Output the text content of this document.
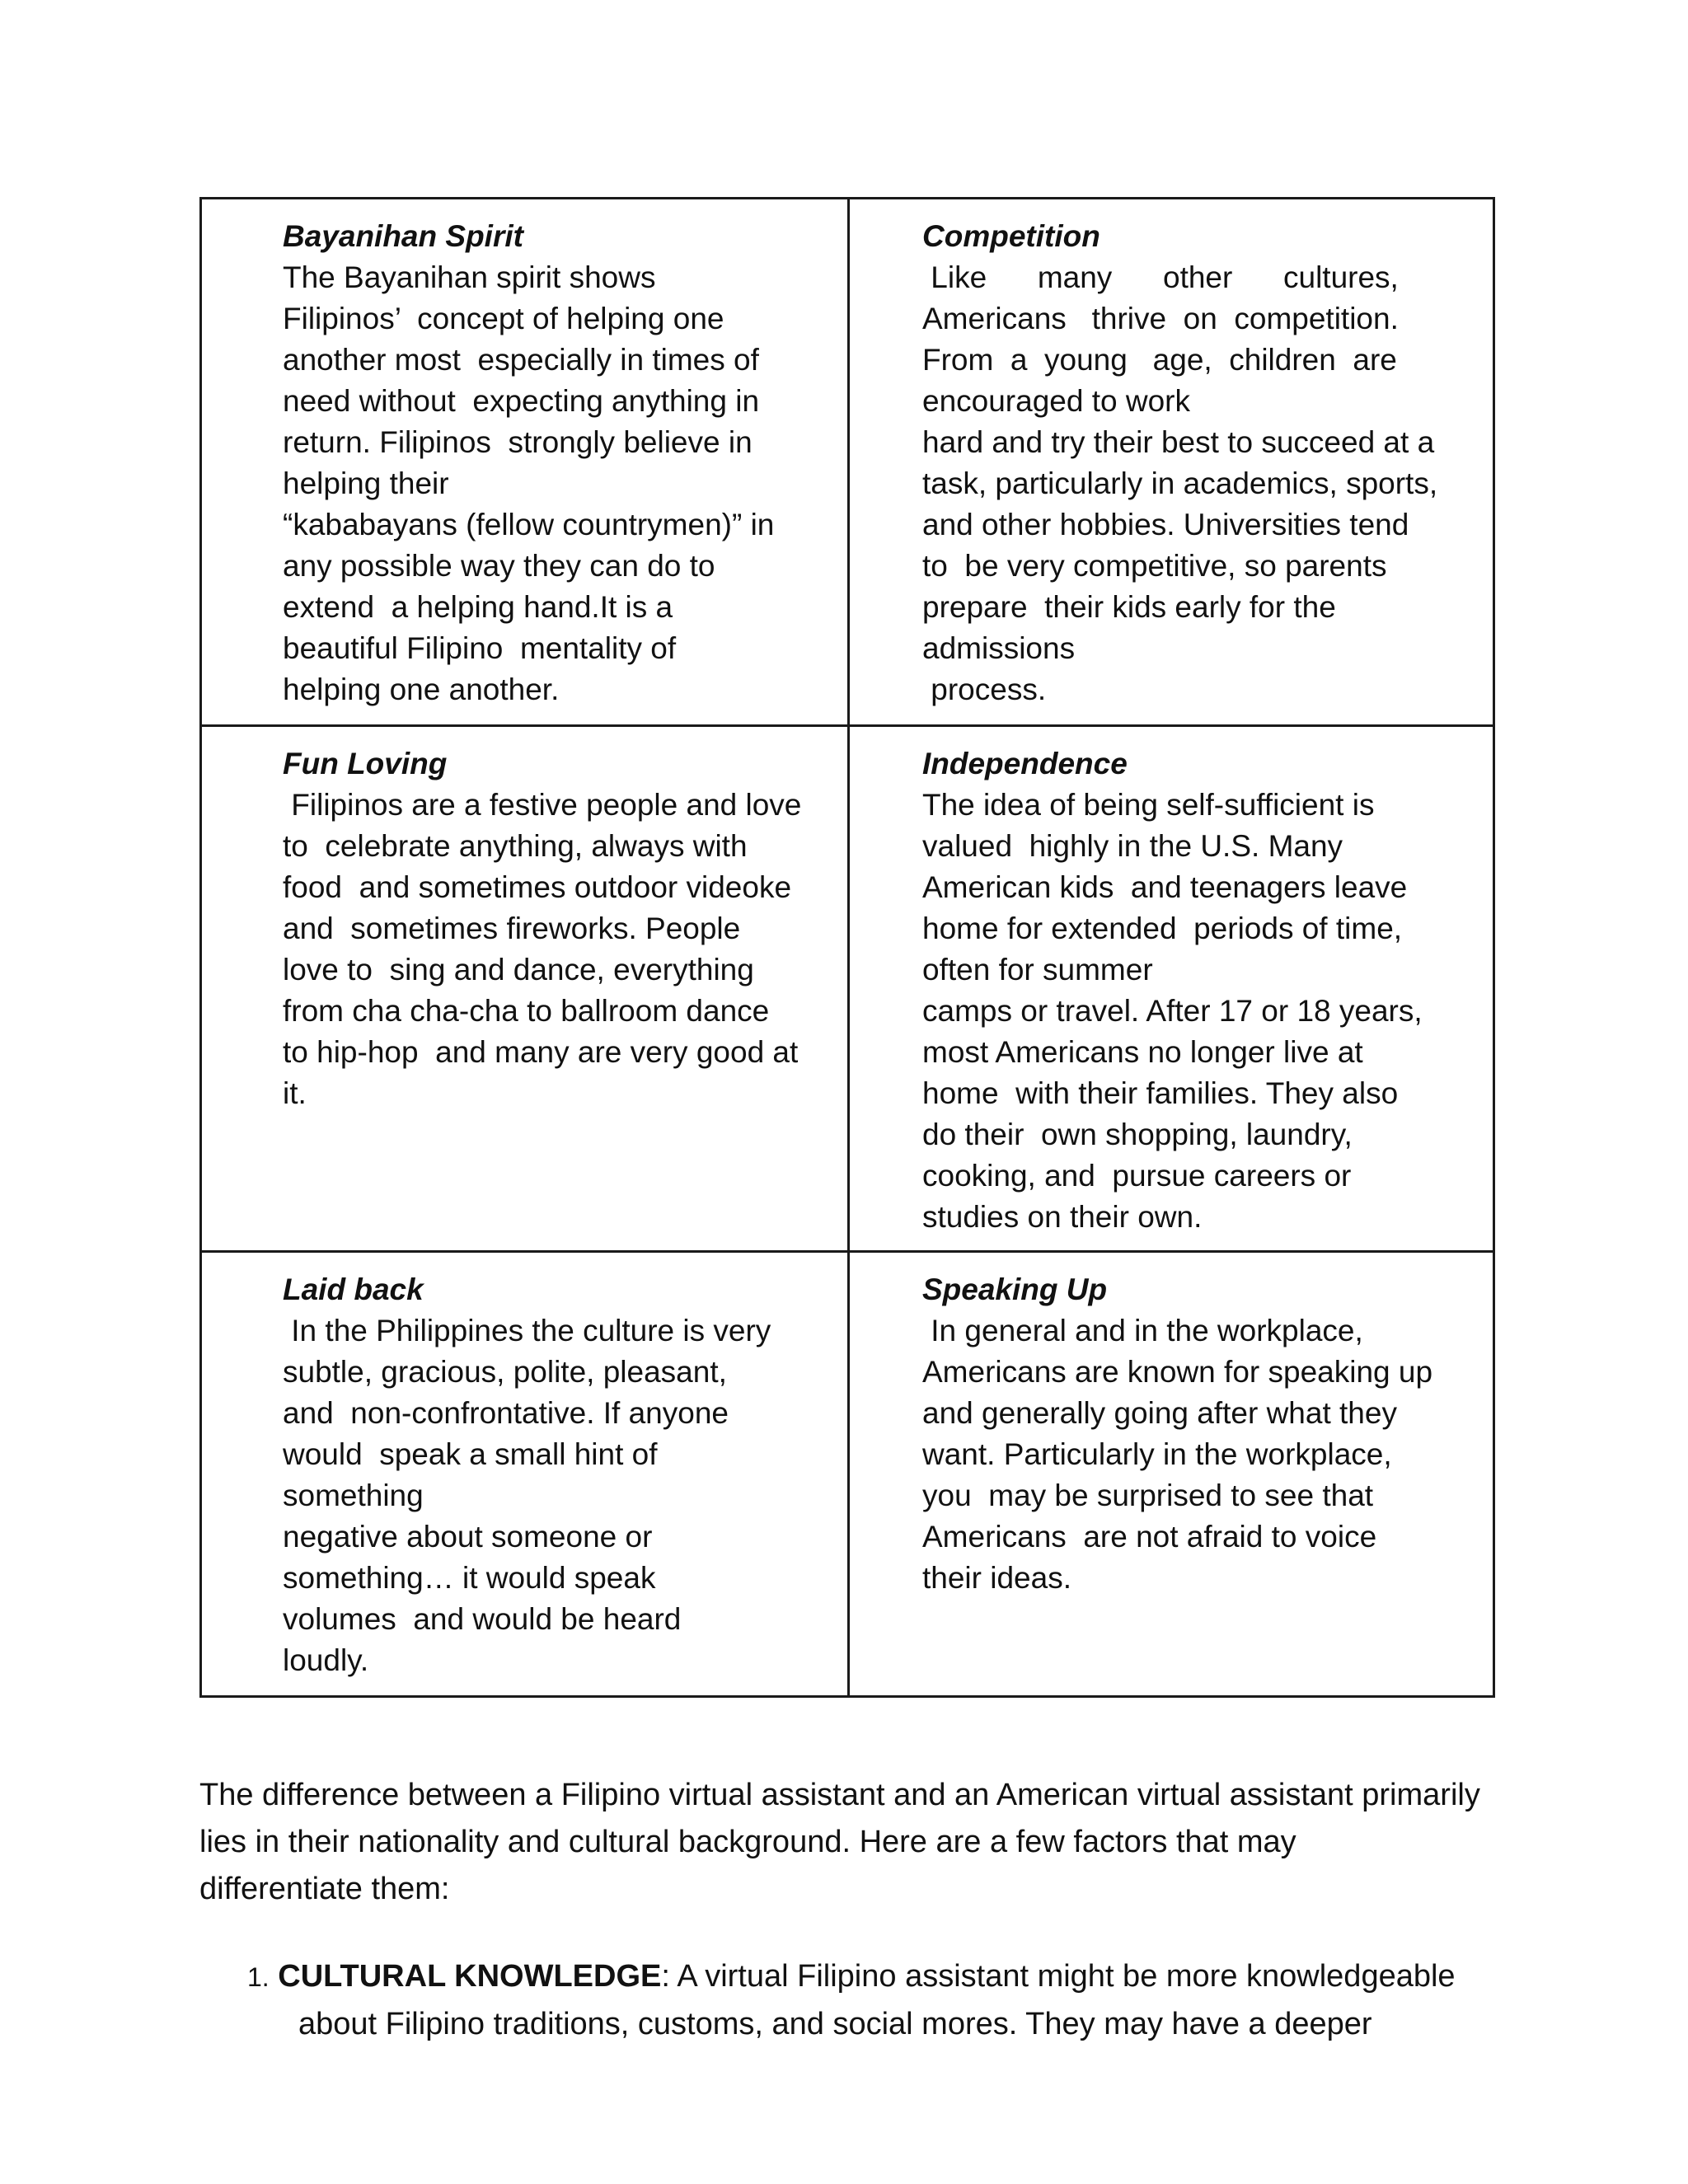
Bayanihan Spirit
The Bayanihan spirit shows
Filipinos’  concept of helping one
another most  especially in times of
need without  expecting anything in
return. Filipinos  strongly believe in
helping their
“kababayans (fellow countrymen)” in
any possible way they can do to
extend  a helping hand.It is a
beautiful Filipino  mentality of
helping one another.
Competition
Like      many      other      cultures,
Americans   thrive  on  competition.
From  a  young   age,  children  are
encouraged to work
hard and try their best to succeed at a
task, particularly in academics, sports,
and other hobbies. Universities tend
to  be very competitive, so parents
prepare  their kids early for the
admissions
process.
Fun Loving
Filipinos are a festive people and love
to  celebrate anything, always with
food  and sometimes outdoor videoke
and  sometimes fireworks. People
love to  sing and dance, everything
from cha cha-cha to ballroom dance
to hip-hop  and many are very good at
it.
Independence
The idea of being self-sufficient is
valued  highly in the U.S. Many
American kids  and teenagers leave
home for extended  periods of time,
often for summer
camps or travel. After 17 or 18 years,
most Americans no longer live at
home  with their families. They also
do their  own shopping, laundry,
cooking, and  pursue careers or
studies on their own.
Laid back
In the Philippines the culture is very
subtle, gracious, polite, pleasant,
and  non-confrontative. If anyone
would  speak a small hint of
something
negative about someone or
something… it would speak
volumes  and would be heard
loudly.
Speaking Up
In general and in the workplace,
Americans are known for speaking up
and generally going after what they
want. Particularly in the workplace,
you  may be surprised to see that
Americans  are not afraid to voice
their ideas.
The difference between a Filipino virtual assistant and an American virtual assistant primarily
lies in their nationality and cultural background. Here are a few factors that may
differentiate them:
1. CULTURAL KNOWLEDGE: A virtual Filipino assistant might be more knowledgeable
about Filipino traditions, customs, and social mores. They may have a deeper
